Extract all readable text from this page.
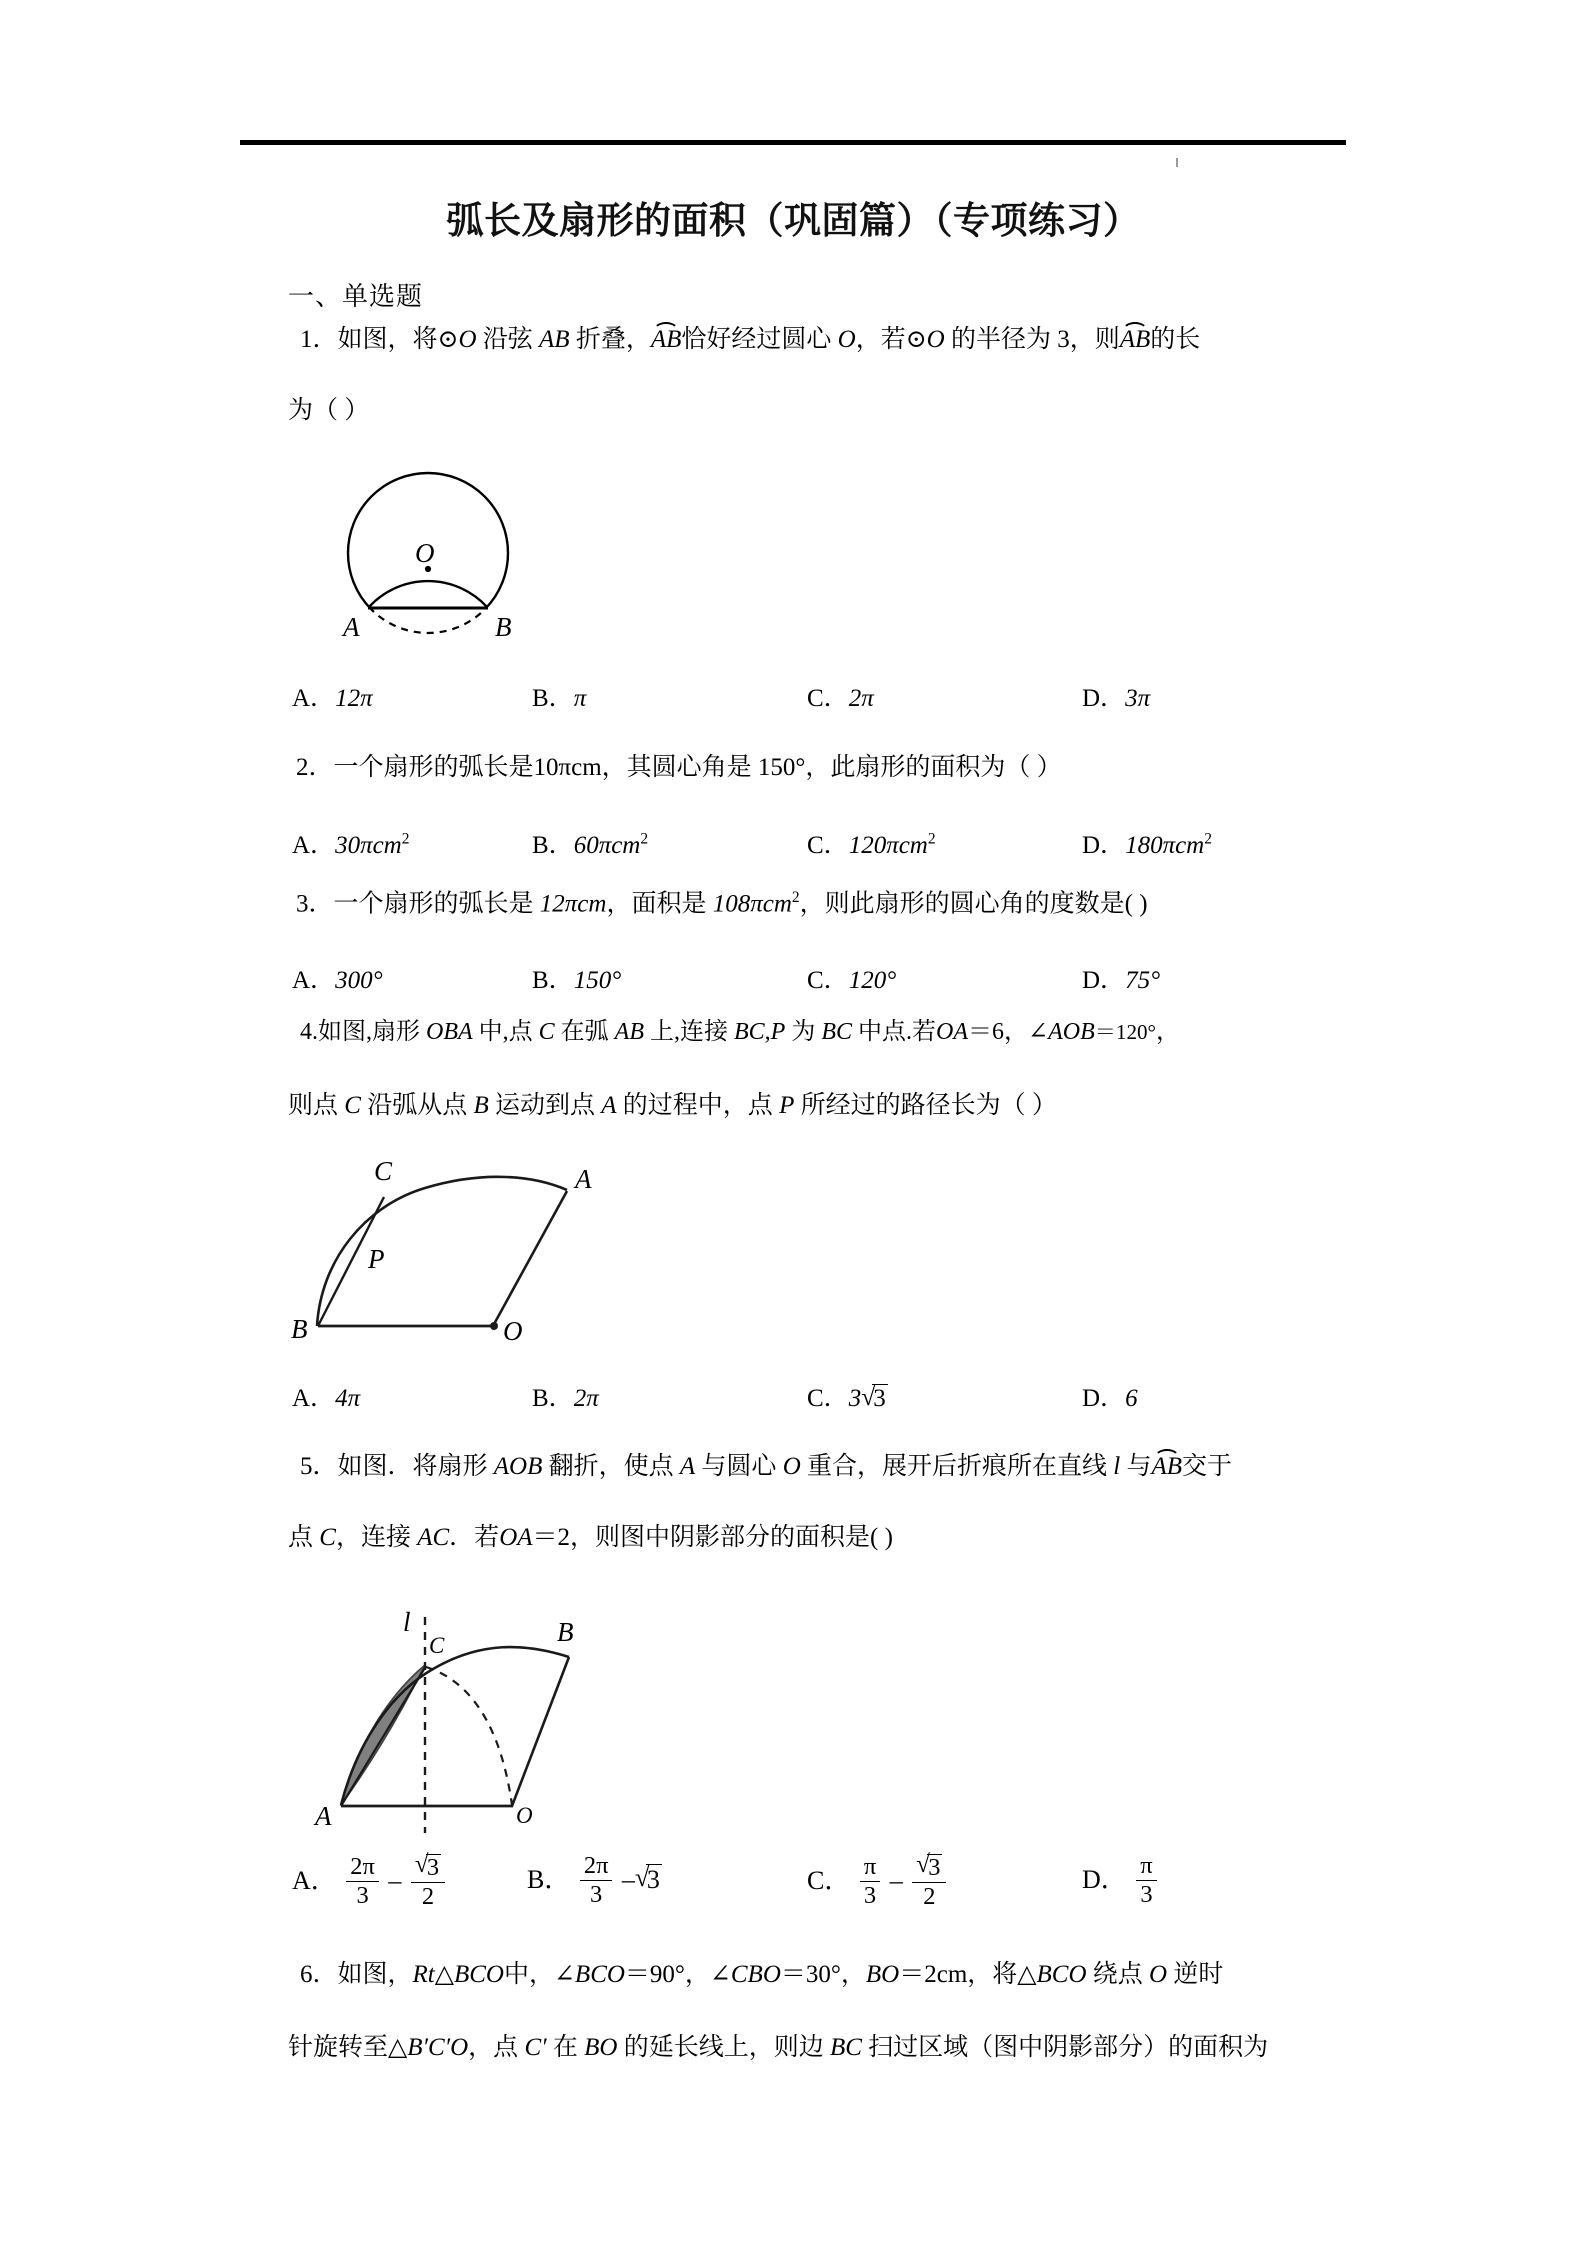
弧长及扇形的面积（巩固篇）（专项练习）
一、单选题
1．如图，将⊙O 沿弦 AB 折叠，AB恰好经过圆心 O，若⊙O 的半径为 3，则AB的长
为（ ）
O
A	B
A．12π	B．π	C．2π	D．3π
2．一个扇形的弧长是10πcm，其圆心角是 150°，此扇形的面积为（ ）
A．30πcm$^2$	B．60πcm$^2$	C．120πcm$^2$	D．180πcm$^2$
3．一个扇形的弧长是 12πcm，面积是 108πcm$^2$，则此扇形的圆心角的度数是( )
A．300°	B．150°	C．120°	D．75°
4.如图,扇形 OBA 中,点 C 在弧 AB 上,连接 BC,P 为 BC 中点.若OA＝6，∠AOB＝120°，
则点 C 沿弧从点 B 运动到点 A 的过程中，点 P 所经过的路径长为（ ）
C	A
P
B	O
A．4π	B．2π	C．3 √ 3	D．6
5．如图．将扇形 AOB 翻折，使点 A 与圆心 O 重合，展开后折痕所在直线 l 与AB交于
点 C，连接 AC．若OA＝2，则图中阴影部分的面积是( )
l
C	B
A	O
A． $\frac{2\pi}{3}$ – √ $\frac{3}{2}$	B． $\frac{2\pi}{3}$ – √ 3	C． $\frac{\pi}{3}$ – √ $\frac{3}{2}$	D． $\frac{\pi}{3}$
6．如图，Rt△BCO中，∠BCO＝90°，∠CBO＝30°，BO＝2cm，将△BCO 绕点 O 逆时
针旋转至△B′C′O，点 C′ 在 BO 的延长线上，则边 BC 扫过区域（图中阴影部分）的面积为
